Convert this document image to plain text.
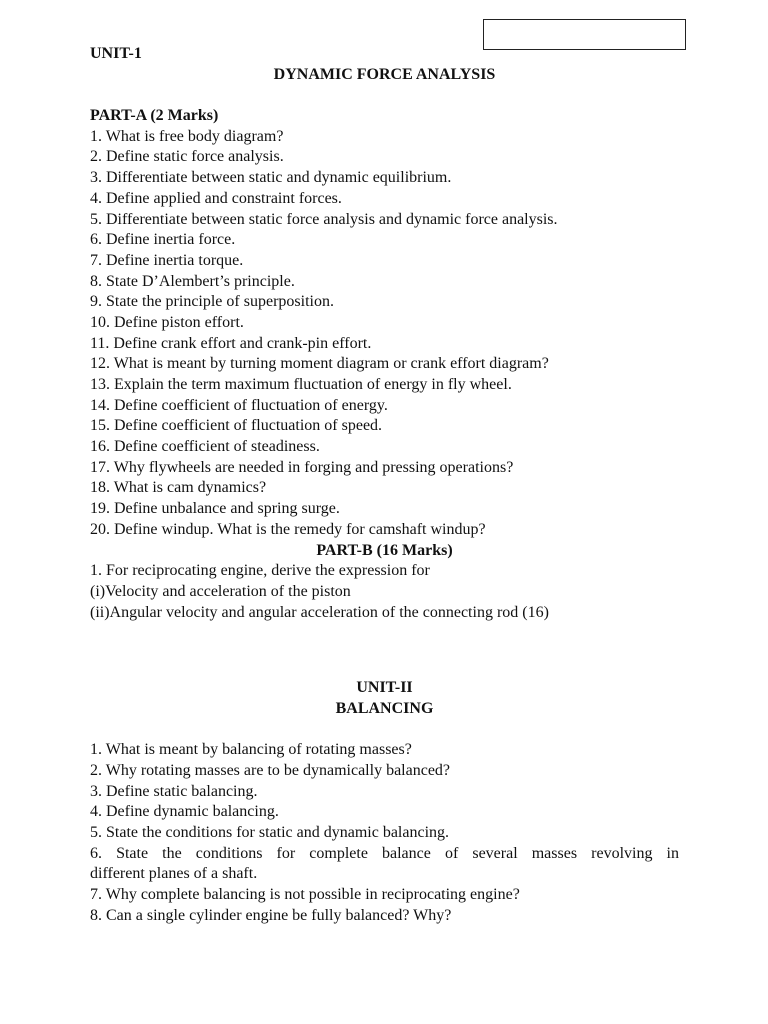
UNIT-1
DYNAMIC FORCE ANALYSIS
PART-A (2 Marks)
1. What is free body diagram?
2. Define static force analysis.
3. Differentiate between static and dynamic equilibrium.
4. Define applied and constraint forces.
5. Differentiate between static force analysis and dynamic force analysis.
6. Define inertia force.
7. Define inertia torque.
8. State D’Alembert’s principle.
9. State the principle of superposition.
10. Define piston effort.
11. Define crank effort and crank-pin effort.
12. What is meant by turning moment diagram or crank effort diagram?
13. Explain the term maximum fluctuation of energy in fly wheel.
14. Define coefficient of fluctuation of energy.
15. Define coefficient of fluctuation of speed.
16. Define coefficient of steadiness.
17. Why flywheels are needed in forging and pressing operations?
18. What is cam dynamics?
19. Define unbalance and spring surge.
20. Define windup. What is the remedy for camshaft windup?
PART-B (16 Marks)
1. For reciprocating engine, derive the expression for
(i)Velocity and acceleration of the piston
(ii)Angular velocity and angular acceleration of the connecting rod (16)
UNIT-II
BALANCING
1. What is meant by balancing of rotating masses?
2. Why rotating masses are to be dynamically balanced?
3. Define static balancing.
4. Define dynamic balancing.
5. State the conditions for static and dynamic balancing.
6. State the conditions for complete balance of several masses revolving in
different planes of a shaft.
7. Why complete balancing is not possible in reciprocating engine?
8. Can a single cylinder engine be fully balanced? Why?
